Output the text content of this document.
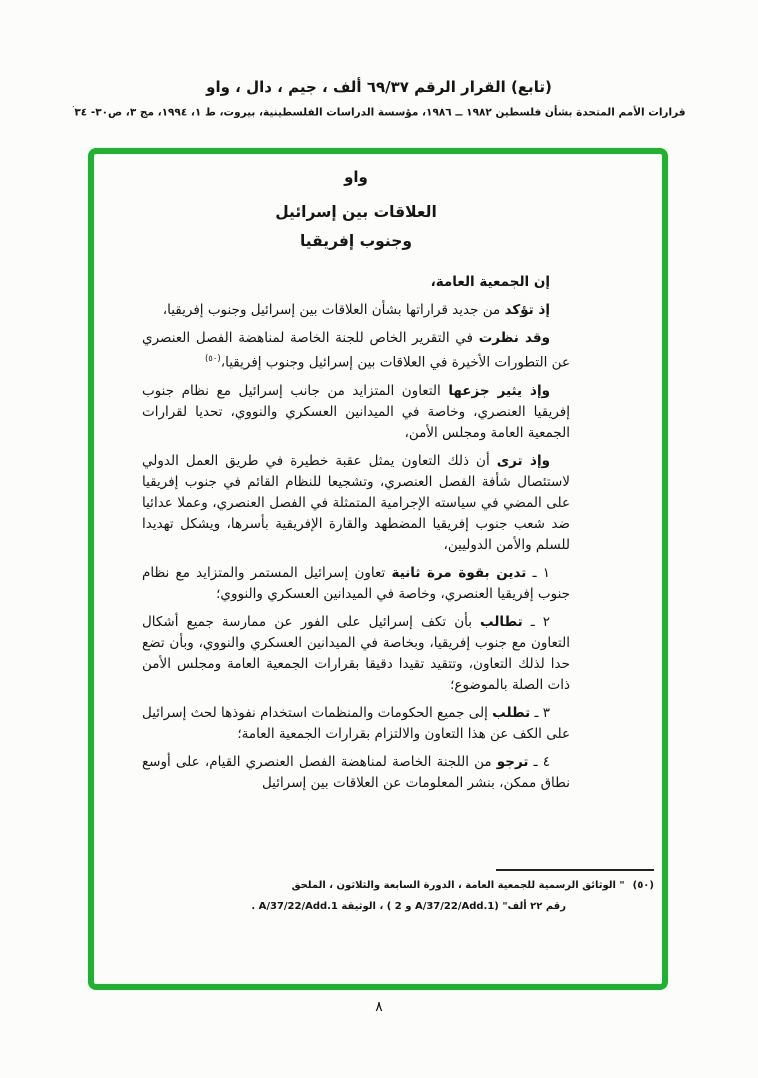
(تابع) القرار الرقم ٦٩/٣٧ ألف ، جيم ، دال ، واو
قرارات الأمم المتحدة بشأن فلسطين ١٩٨٢ ــ ١٩٨٦، مؤسسة الدراسات الفلسطينية، بيروت، ط ١، ١٩٩٤، مج ٣، ص٣٠- ٣٤′
واو
العلاقات بين إسرائيل
وجنوب إفريقيا

إن الجمعية العامة،

إذ تؤكد من جديد قراراتها بشأن العلاقات بين إسرائيل وجنوب إفريقيا،

وقد نظرت في التقرير الخاص للجنة الخاصة لمناهضة الفصل العنصري عن التطورات الأخيرة في العلاقات بين إسرائيل وجنوب إفريقيا،$^{(٥٠)}$

وإذ يثير جزعها التعاون المتزايد من جانب إسرائيل مع نظام جنوب إفريقيا العنصري، وخاصة في الميدانين العسكري والنووي، تحديا لقرارات الجمعية العامة ومجلس الأمن،

وإذ ترى أن ذلك التعاون يمثل عقبة خطيرة في طريق العمل الدولي لاستئصال شأفة الفصل العنصري، وتشجيعا للنظام القائم في جنوب إفريقيا على المضي في سياسته الإجرامية المتمثلة في الفصل العنصري، وعملا عدائيا ضد شعب جنوب إفريقيا المضطهد والقارة الإفريقية بأسرها، ويشكل تهديدا للسلم والأمن الدوليين،

١ ـ تدين بقوة مرة ثانية تعاون إسرائيل المستمر والمتزايد مع نظام جنوب إفريقيا العنصري، وخاصة في الميدانين العسكري والنووي؛

٢ ـ تطالب بأن تكف إسرائيل على الفور عن ممارسة جميع أشكال التعاون مع جنوب إفريقيا، وبخاصة في الميدانين العسكري والنووي، وبأن تضع حدا لذلك التعاون، وتتقيد تقيدا دقيقا بقرارات الجمعية العامة ومجلس الأمن ذات الصلة بالموضوع؛

٣ ـ تطلب إلى جميع الحكومات والمنظمات استخدام نفوذها لحث إسرائيل على الكف عن هذا التعاون والالتزام بقرارات الجمعية العامة؛

٤ ـ ترجو من اللجنة الخاصة لمناهضة الفصل العنصري القيام، على أوسع نطاق ممكن، بنشر المعلومات عن العلاقات بين إسرائيل

(٥٠)" الوثائق الرسمية للجمعية العامة ، الدورة السابعة والثلاثون ، الملحق
رقم ٢٢ ألف" (A/37/22/Add.1 و 2 ) ، الوثيقة A/37/22/Add.1 .
٨
